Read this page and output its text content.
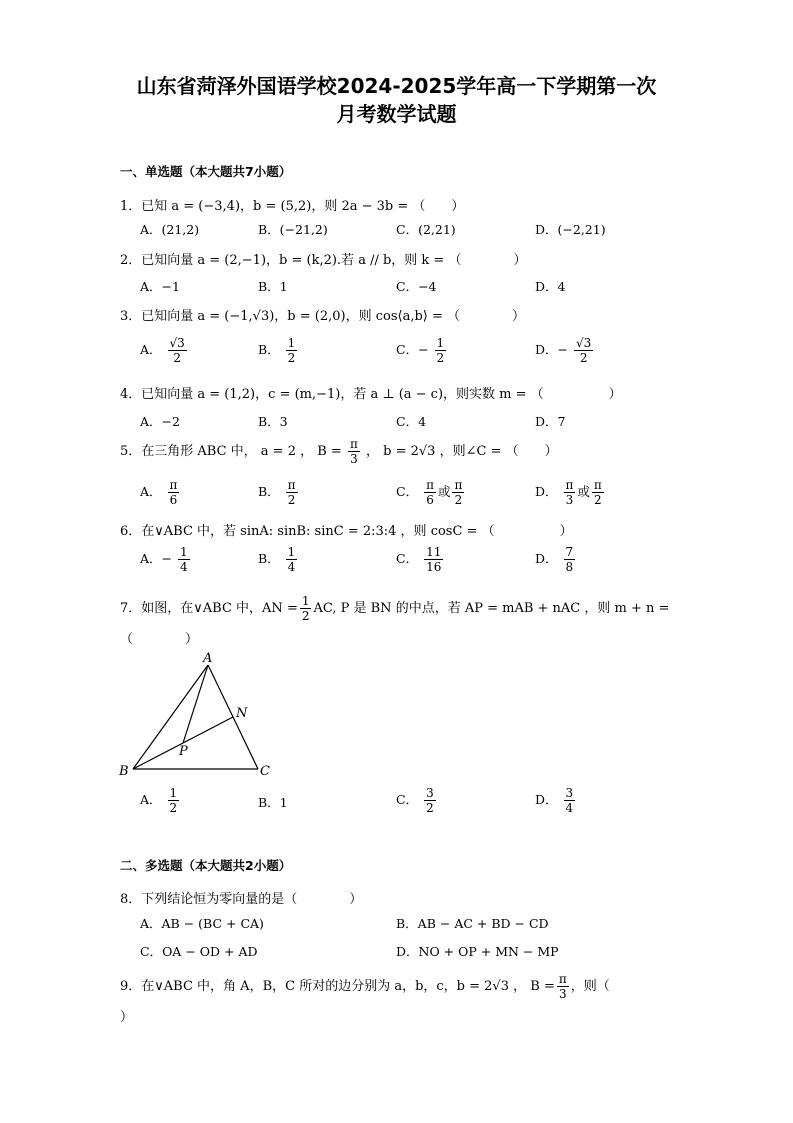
山东省菏泽外国语学校2024-2025学年高一下学期第一次
月考数学试题
一、单选题（本大题共7小题）
1．已知 a = (−3,4)，b = (5,2)，则 2a − 3b = （　　）
A．(21,2)	B．(−21,2)	C．(2,21)	D．(−2,21)
2．已知向量 a = (2,−1)，b = (k,2).若 a // b，则 k = （　　　　）
A．−1	B．1	C．−4	D．4
3．已知向量 a = (−1,√3)，b = (2,0)，则 cos⟨a,b⟩ = （　　　　）
A． $\frac{√3}{2}$	B． $\frac{1}{2}$	C．− $\frac{1}{2}$	D．− $\frac{√3}{2}$
4．已知向量 a = (1,2)，c = (m,−1)，若 a ⊥ (a − c)，则实数 m = （　　　　　）
A．−2	B．3	C．4	D．7
5．在三角形 ABC 中， a = 2 ， $B = \frac{\pi}{3}$ ， b = 2√3 ，则∠C = （　　）
A． $\frac{\pi}{6}$	B． $\frac{\pi}{2}$	C． $\frac{\pi}{6}$ 或 $\frac{\pi}{2}$	D． $\frac{\pi}{3}$ 或 $\frac{\pi}{2}$
6．在∨ABC 中，若 sinA: sinB: sinC = 2:3:4 ，则 cosC = （　　　　　）
A．− $\frac{1}{4}$	B． $\frac{1}{4}$	C． $\frac{11}{16}$	D． $\frac{7}{8}$
7．如图，在∨ABC 中，AN = $\frac{1}{2}$ AC, P 是 BN 的中点，若 AP = mAB + nAC ，则 m + n =
（　　　　）
A
B	C
N
P
A． $\frac{1}{2}$	B．1	C． $\frac{3}{2}$	D． $\frac{3}{4}$
二、多选题（本大题共2小题）
8．下列结论恒为零向量的是（　　　　）
A．AB − (BC + CA)	B．AB − AC + BD − CD
C．OA − OD + AD	D．NO + OP + MN − MP
9．在∨ABC 中，角 A，B，C 所对的边分别为 a，b，c，b = 2√3 ， $B = \frac{\pi}{3}$ ，则（
）
